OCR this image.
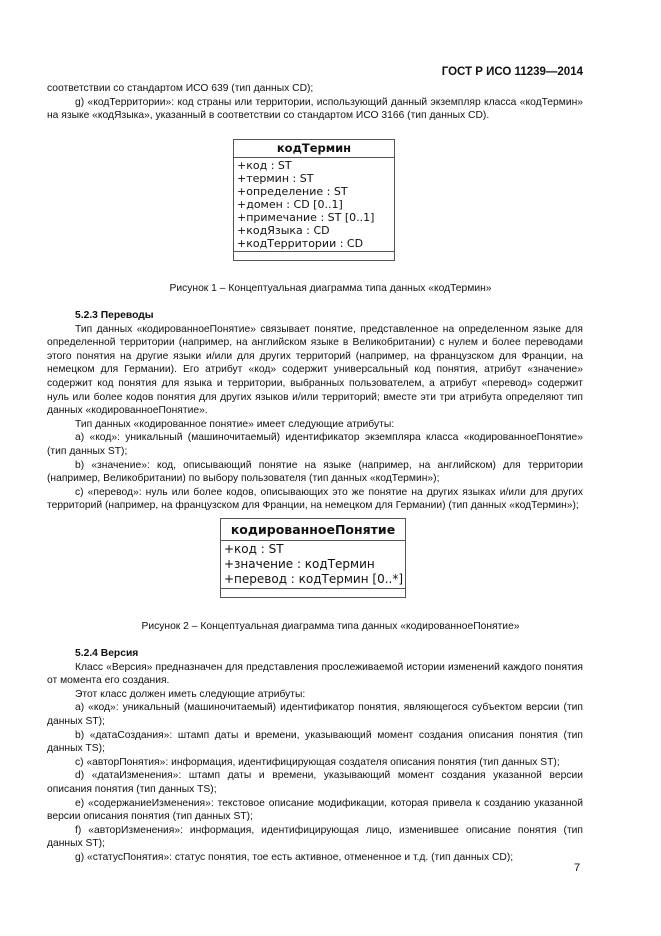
ГОСТ Р ИСО 11239—2014

соответствии со стандартом ИСО 639 (тип данных CD);

g) «кодТерритории»: код страны или территории, использующий данный экземпляр класса «кодТермин» на языке «кодЯзыка», указанный в соответствии со стандартом ИСО 3166 (тип данных CD).

кодТермин
+код : ST
+термин : ST
+определение : ST
+домен : CD [0..1]
+примечание : ST [0..1]
+кодЯзыка : CD
+кодТерритории : CD
Рисунок 1 – Концептуальная диаграмма типа данных «кодТермин»

5.2.3 Переводы

Тип данных «кодированноеПонятие» связывает понятие, представленное на определенном языке для определенной территории (например, на английском языке в Великобритании) с нулем и более переводами этого понятия на другие языки и/или для других территорий (например, на французском для Франции, на немецком для Германии). Его атрибут «код» содержит универсальный код понятия, атрибут «значение» содержит код понятия для языка и территории, выбранных пользователем, а атрибут «перевод» содержит нуль или более кодов понятия для других языков и/или территорий; вместе эти три атрибута определяют тип данных «кодированноеПонятие».

Тип данных «кодированное понятие» имеет следующие атрибуты:

a) «код»: уникальный (машиночитаемый) идентификатор экземпляра класса «кодированноеПонятие» (тип данных ST);

b) «значение»: код, описывающий понятие на языке (например, на английском) для территории (например, Великобритании) по выбору пользователя (тип данных «кодТермин»);

c) «перевод»: нуль или более кодов, описывающих это же понятие на других языках и/или для других территорий (например, на французском для Франции, на немецком для Германии) (тип данных «кодТермин»);

кодированноеПонятие
+код : ST
+значение : кодТермин
+перевод : кодТермин [0..*]
Рисунок 2 – Концептуальная диаграмма типа данных «кодированноеПонятие»

5.2.4 Версия

Класс «Версия» предназначен для представления прослеживаемой истории изменений каждого понятия от момента его создания.

Этот класс должен иметь следующие атрибуты:

a) «код»: уникальный (машиночитаемый) идентификатор понятия, являющегося субъектом версии (тип данных ST);

b) «датаСоздания»: штамп даты и времени, указывающий момент создания описания понятия (тип данных TS);

c) «авторПонятия»: информация, идентифицирующая создателя описания понятия (тип данных ST);

d) «датаИзменения»: штамп даты и времени, указывающий момент создания указанной версии описания понятия (тип данных TS);

e) «содержаниеИзменения»: текстовое описание модификации, которая привела к созданию указанной версии описания понятия (тип данных ST);

f) «авторИзменения»: информация, идентифицирующая лицо, изменившее описание понятия (тип данных ST);

g) «статусПонятия»: статус понятия, тое есть активное, отмененное и т.д. (тип данных CD);

7
